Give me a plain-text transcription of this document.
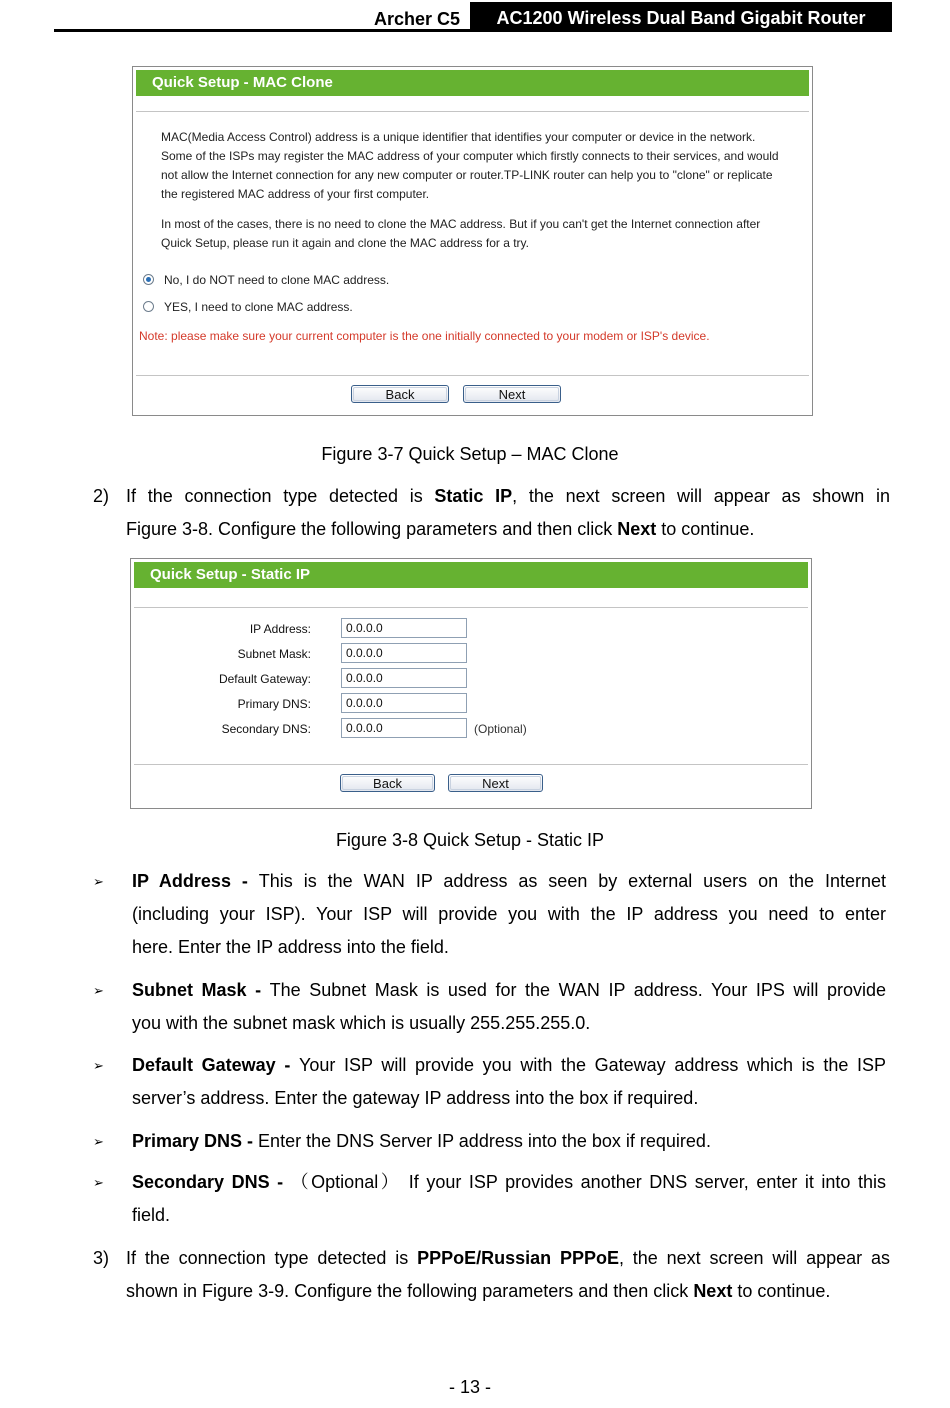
Archer C5	AC1200 Wireless Dual Band Gigabit Router
Quick Setup - MAC Clone
MAC(Media Access Control) address is a unique identifier that identifies your computer or device in the network.
Some of the ISPs may register the MAC address of your computer which firstly connects to their services, and would
not allow the Internet connection for any new computer or router.TP-LINK router can help you to "clone" or replicate
the registered MAC address of your first computer.
In most of the cases, there is no need to clone the MAC address. But if you can't get the Internet connection after
Quick Setup, please run it again and clone the MAC address for a try.
No, I do NOT need to clone MAC address.
YES, I need to clone MAC address.
Note: please make sure your current computer is the one initially connected to your modem or ISP's device.
Back	Next
Figure 3-7 Quick Setup – MAC Clone
2) If the connection type detected is Static IP, the next screen will appear as shown in

Figure 3-8. Configure the following parameters and then click Next to continue.

Quick Setup - Static IP
IP Address:	0.0.0.0
Subnet Mask:	0.0.0.0
Default Gateway:	0.0.0.0
Primary DNS:	0.0.0.0
Secondary DNS:	0.0.0.0	(Optional)
Back	Next
Figure 3-8 Quick Setup - Static IP
➢ IP Address - This is the WAN IP address as seen by external users on the Internet

(including your ISP). Your ISP will provide you with the IP address you need to enter

here. Enter the IP address into the field.

➢ Subnet Mask - The Subnet Mask is used for the WAN IP address. Your IPS will provide

you with the subnet mask which is usually 255.255.255.0.

➢ Default Gateway - Your ISP will provide you with the Gateway address which is the ISP

server’s address. Enter the gateway IP address into the box if required.

➢ Primary DNS - Enter the DNS Server IP address into the box if required.

➢ Secondary DNS - （Optional） If your ISP provides another DNS server, enter it into this

field.

3) If the connection type detected is PPPoE/Russian PPPoE, the next screen will appear as

shown in Figure 3-9. Configure the following parameters and then click Next to continue.

- 13 -
